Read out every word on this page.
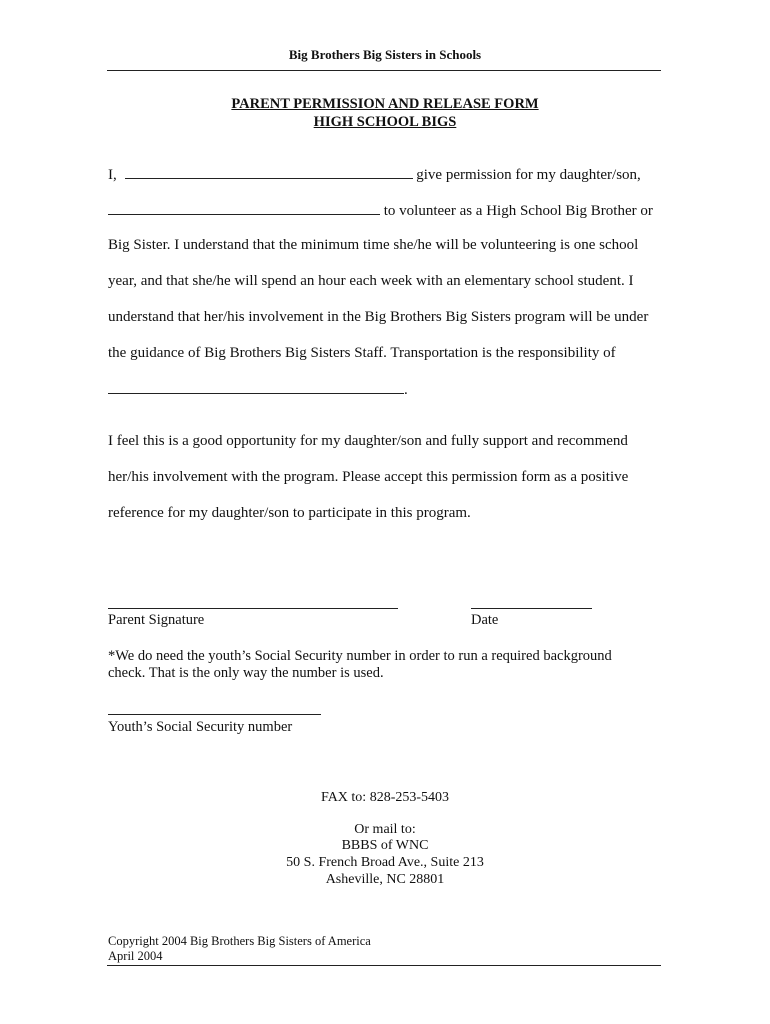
Big Brothers Big Sisters in Schools
PARENT PERMISSION AND RELEASE FORM
HIGH SCHOOL BIGS
I,	give permission for my daughter/son,
to volunteer as a High School Big Brother or
Big Sister. I understand that the minimum time she/he will be volunteering is one school
year, and that she/he will spend an hour each week with an elementary school student. I
understand that her/his involvement in the Big Brothers Big Sisters program will be under
the guidance of Big Brothers Big Sisters Staff. Transportation is the responsibility of
.
I feel this is a good opportunity for my daughter/son and fully support and recommend
her/his involvement with the program. Please accept this permission form as a positive
reference for my daughter/son to participate in this program.
Parent Signature	Date
*We do need the youth’s Social Security number in order to run a required background
check. That is the only way the number is used.
Youth’s Social Security number
FAX to: 828-253-5403
Or mail to:
BBBS of WNC
50 S. French Broad Ave., Suite 213
Asheville, NC 28801
Copyright 2004 Big Brothers Big Sisters of America
April 2004
